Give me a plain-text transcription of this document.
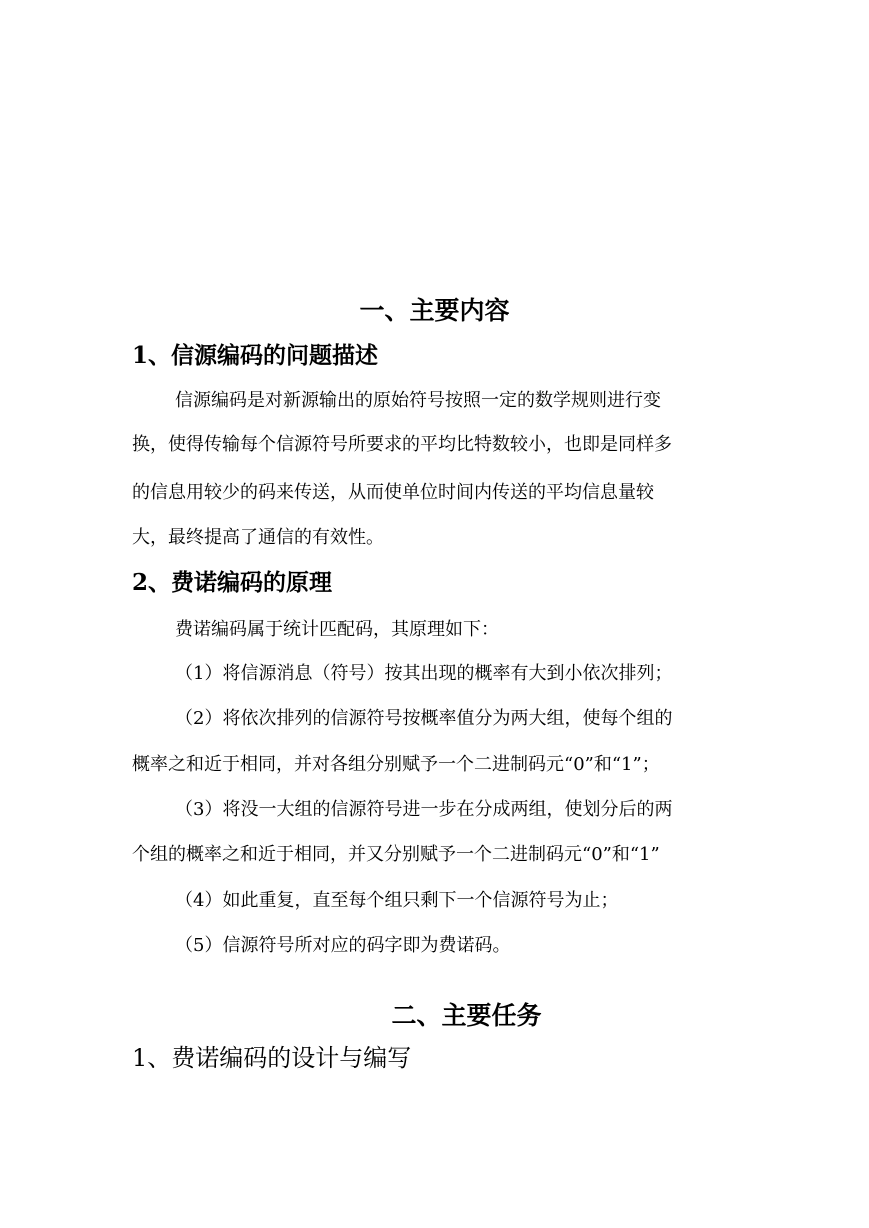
一、主要内容
1、信源编码的问题描述

信源编码是对新源输出的原始符号按照一定的数学规则进行变

换，使得传输每个信源符号所要求的平均比特数较小，也即是同样多

的信息用较少的码来传送，从而使单位时间内传送的平均信息量较

大，最终提高了通信的有效性。

2、费诺编码的原理

费诺编码属于统计匹配码，其原理如下：

（1）将信源消息（符号）按其出现的概率有大到小依次排列；

（2）将依次排列的信源符号按概率值分为两大组，使每个组的

概率之和近于相同，并对各组分别赋予一个二进制码元“0”和“1”；

（3）将没一大组的信源符号进一步在分成两组，使划分后的两

个组的概率之和近于相同，并又分别赋予一个二进制码元“0”和“1”

（4）如此重复，直至每个组只剩下一个信源符号为止；

（5）信源符号所对应的码字即为费诺码。

二、主要任务
1、费诺编码的设计与编写
